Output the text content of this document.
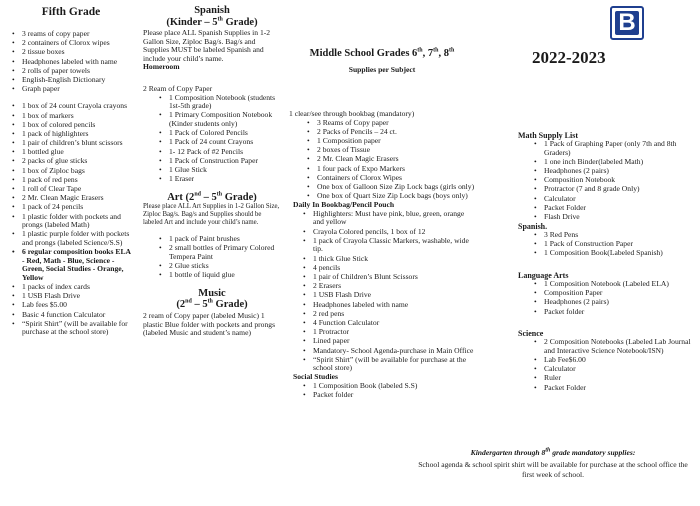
Fifth Grade
• 3 reams of copy paper
• 2 containers of Clorox wipes
• 2 tissue boxes
• Headphones labeled with name
• 2 rolls of paper towels
• English-English Dictionary
• Graph paper
• 1 box of 24 count Crayola crayons
• 1 box of markers
• 1 box of colored pencils
• 1 pack of highlighters
• 1 pair of children’s blunt scissors
• 1 bottled glue
• 2 packs of glue sticks
• 1 box of Ziploc bags
• 1 pack of red pens
• 1 roll of Clear Tape
• 2 Mr. Clean Magic Erasers
• 1 pack of 24 pencils
• 1 plastic folder with pockets and prongs (labeled Math)
• 1 plastic purple folder with pockets and prongs (labeled Science/S.S)
• 6 regular composition books ELA - Red, Math - Blue, Science - Green, Social Studies - Orange, Yellow
• 1 packs of index cards
• 1 USB Flash Drive
• Lab fees $5.00
• Basic 4 function Calculator
• “Spirit Shirt” (will be available for purchase at the school store)
Spanish
(Kinder – 5th Grade)

Please place ALL Spanish Supplies in 1-2 Gallon Size, Ziploc Bag/s. Bag/s and Supplies MUST be labeled Spanish and include your child’s name.

Homeroom

2 Ream of Copy Paper

• 1 Composition Notebook (students 1st-5th grade)
• 1 Primary Composition Notebook (Kinder students only)
• 1 Pack of Colored Pencils
• 1 Pack of 24 count Crayons
• 1- 12 Pack of #2 Pencils
• 1 Pack of Construction Paper
• 1 Glue Stick
• 1 Eraser
Art (2nd – 5th Grade)

Please place ALL Art Supplies in 1-2 Gallon Size, Ziploc Bag/s. Bag/s and Supplies should be labeled Art and include your child’s name.

• 1 pack of Paint brushes
• 2 small bottles of Primary Colored Tempera Paint
• 2 Glue sticks
• 1 bottle of liquid glue
Music
(2nd – 5th Grade)

2 ream of Copy paper (labeled Music) 1 plastic Blue folder with pockets and prongs (labeled Music and student’s name)

Middle School Grades 6th, 7th, 8th
Supplies per Subject

1 clear/see through bookbag (mandatory)

• 3 Reams of Copy paper
• 2 Packs of Pencils – 24 ct.
• 1 Composition paper
• 2 boxes of Tissue
• 2 Mr. Clean Magic Erasers
• 1 four pack of Expo Markers
• Containers of Clorox Wipes
• One box of Galloon Size Zip Lock bags (girls only)
• One box of Quart Size Zip Lock bags (boys only)

Daily In Bookbag/Pencil Pouch

• Highlighters: Must have pink, blue, green, orange and yellow
• Crayola Colored pencils, 1 box of 12
• 1 pack of Crayola Classic Markers, washable, wide tip.
• 1 thick Glue Stick
• 4 pencils
• 1 pair of Children’s Blunt Scissors
• 2 Erasers
• 1 USB Flash Drive
• Headphones labeled with name
• 2 red pens
• 4 Function Calculator
• 1 Protractor
• Lined paper
• Mandatory- School Agenda-purchase in Main Office
• “Spirit Shirt” (will be available for purchase at the school store)

Social Studies

• 1 Composition Book (labeled S.S)
• Packet folder
B
2022-2023

Math Supply List

• 1 Pack of Graphing Paper (only 7th and 8th Graders)
• 1 one inch Binder(labeled Math)
• Headphones (2 pairs)
• Composition Notebook
• Protractor (7 and 8 grade Only)
• Calculator
• Packet Folder
• Flash Drive

Spanish.

• 3 Red Pens
• 1 Pack of Construction Paper
• 1 Composition Book(Labeled Spanish)

Language Arts

• 1 Composition Notebook (Labeled ELA)
• Composition Paper
• Headphones (2 pairs)
• Packet folder

Science

• 2 Composition Notebooks (Labeled Lab Journal and Interactive Science Notebook/ISN)
• Lab Fee$6.00
• Calculator
• Ruler
• Packet Folder
Kindergarten through 8th grade mandatory supplies:
School agenda & school spirit shirt will be available for purchase at the school office the first week of school.
